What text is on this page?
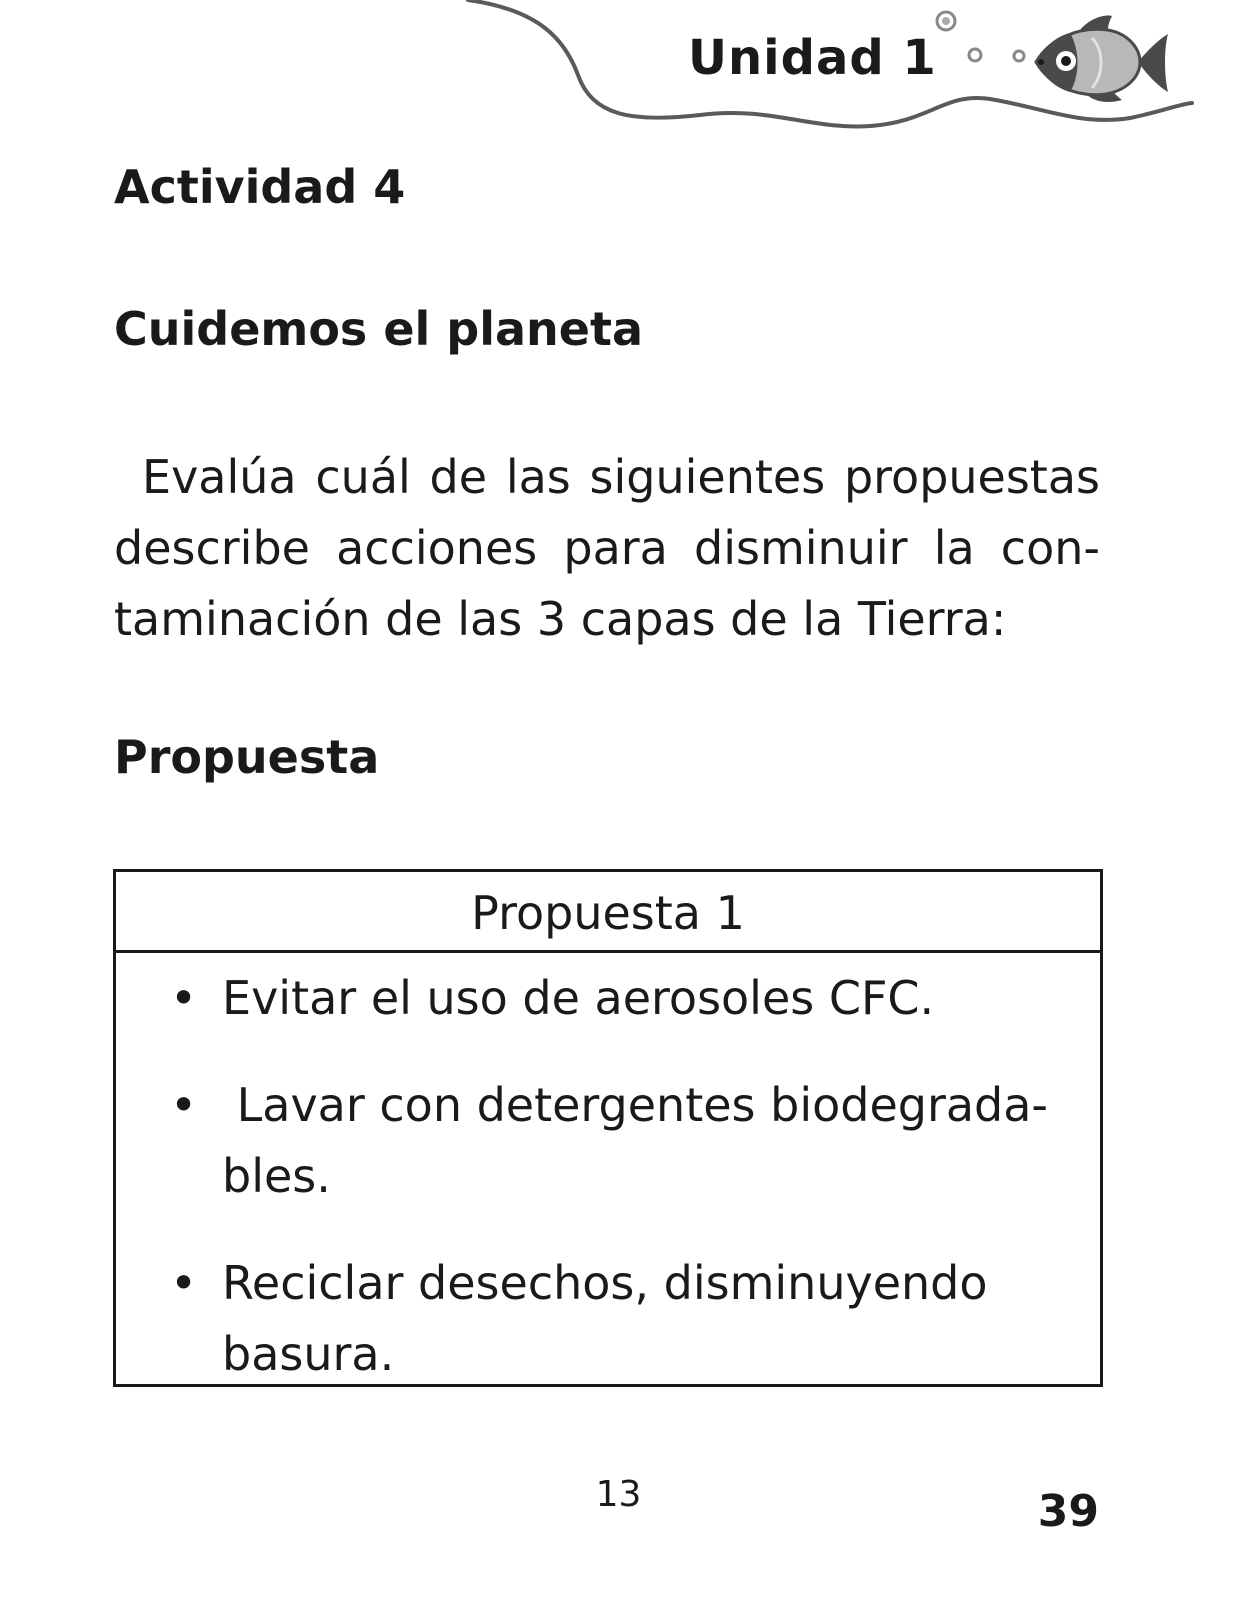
Unidad 1
Actividad 4
Cuidemos el planeta

Evalúa cuál de las siguientes propuestas describe acciones para disminuir la con-taminación de las 3 capas de la Tierra:

Propuesta
Propuesta 1
• Evitar el uso de aerosoles CFC.
• Lavar con detergentes biodegrada-bles.
• Reciclar desechos, disminuyendo basura.
13	39
